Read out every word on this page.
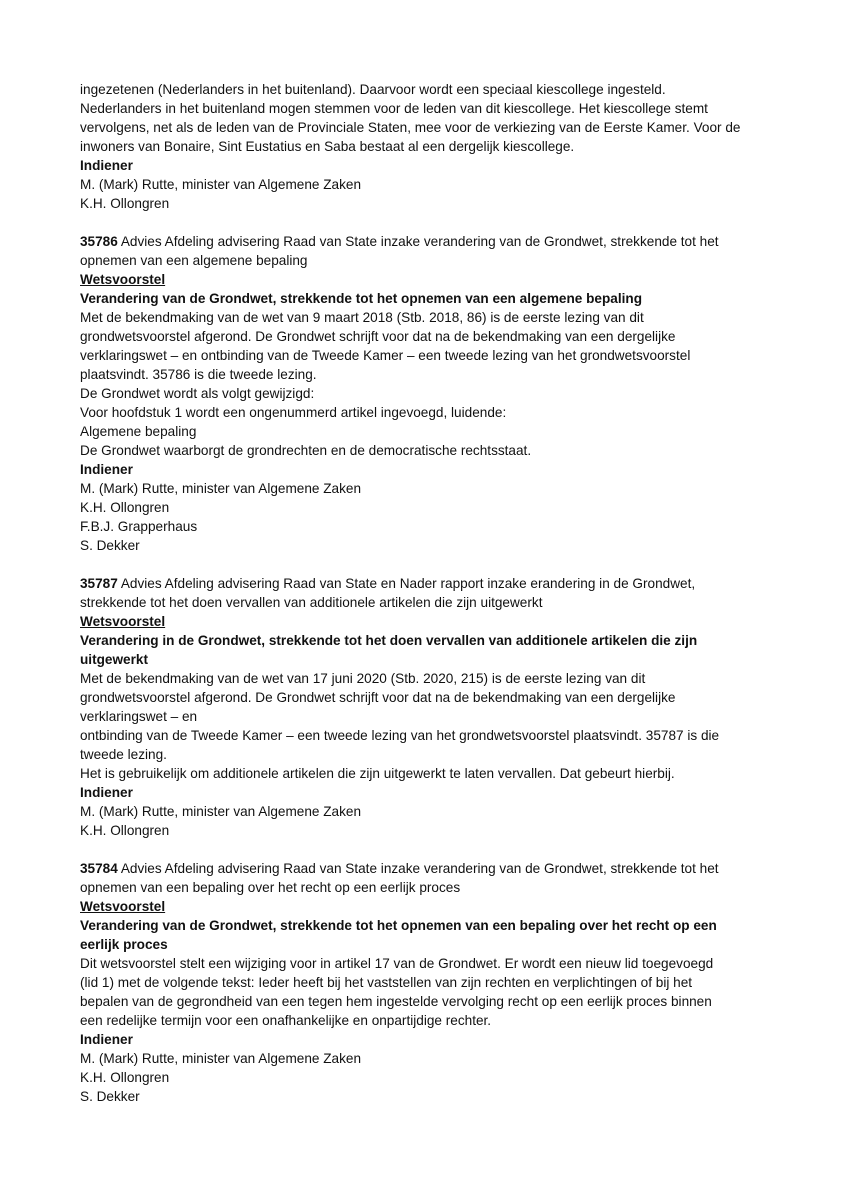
ingezetenen (Nederlanders in het buitenland). Daarvoor wordt een speciaal kiescollege ingesteld.
Nederlanders in het buitenland mogen stemmen voor de leden van dit kiescollege. Het kiescollege stemt
vervolgens, net als de leden van de Provinciale Staten, mee voor de verkiezing van de Eerste Kamer. Voor de
inwoners van Bonaire, Sint Eustatius en Saba bestaat al een dergelijk kiescollege.
Indiener
M. (Mark) Rutte, minister van Algemene Zaken
K.H. Ollongren
35786 Advies Afdeling advisering Raad van State inzake verandering van de Grondwet, strekkende tot het
opnemen van een algemene bepaling
Wetsvoorstel
Verandering van de Grondwet, strekkende tot het opnemen van een algemene bepaling
Met de bekendmaking van de wet van 9 maart 2018 (Stb. 2018, 86) is de eerste lezing van dit
grondwetsvoorstel afgerond. De Grondwet schrijft voor dat na de bekendmaking van een dergelijke
verklaringswet – en ontbinding van de Tweede Kamer – een tweede lezing van het grondwetsvoorstel
plaatsvindt. 35786 is die tweede lezing.
De Grondwet wordt als volgt gewijzigd:
Voor hoofdstuk 1 wordt een ongenummerd artikel ingevoegd, luidende:
Algemene bepaling
De Grondwet waarborgt de grondrechten en de democratische rechtsstaat.
Indiener
M. (Mark) Rutte, minister van Algemene Zaken
K.H. Ollongren
F.B.J. Grapperhaus
S. Dekker
35787 Advies Afdeling advisering Raad van State en Nader rapport inzake erandering in de Grondwet,
strekkende tot het doen vervallen van additionele artikelen die zijn uitgewerkt
Wetsvoorstel
Verandering in de Grondwet, strekkende tot het doen vervallen van additionele artikelen die zijn
uitgewerkt
Met de bekendmaking van de wet van 17 juni 2020 (Stb. 2020, 215) is de eerste lezing van dit
grondwetsvoorstel afgerond. De Grondwet schrijft voor dat na de bekendmaking van een dergelijke
verklaringswet – en
ontbinding van de Tweede Kamer – een tweede lezing van het grondwetsvoorstel plaatsvindt. 35787 is die
tweede lezing.
Het is gebruikelijk om additionele artikelen die zijn uitgewerkt te laten vervallen. Dat gebeurt hierbij.
Indiener
M. (Mark) Rutte, minister van Algemene Zaken
K.H. Ollongren
35784 Advies Afdeling advisering Raad van State inzake verandering van de Grondwet, strekkende tot het
opnemen van een bepaling over het recht op een eerlijk proces
Wetsvoorstel
Verandering van de Grondwet, strekkende tot het opnemen van een bepaling over het recht op een
eerlijk proces
Dit wetsvoorstel stelt een wijziging voor in artikel 17 van de Grondwet. Er wordt een nieuw lid toegevoegd
(lid 1) met de volgende tekst: Ieder heeft bij het vaststellen van zijn rechten en verplichtingen of bij het
bepalen van de gegrondheid van een tegen hem ingestelde vervolging recht op een eerlijk proces binnen
een redelijke termijn voor een onafhankelijke en onpartijdige rechter.
Indiener
M. (Mark) Rutte, minister van Algemene Zaken
K.H. Ollongren
S. Dekker
